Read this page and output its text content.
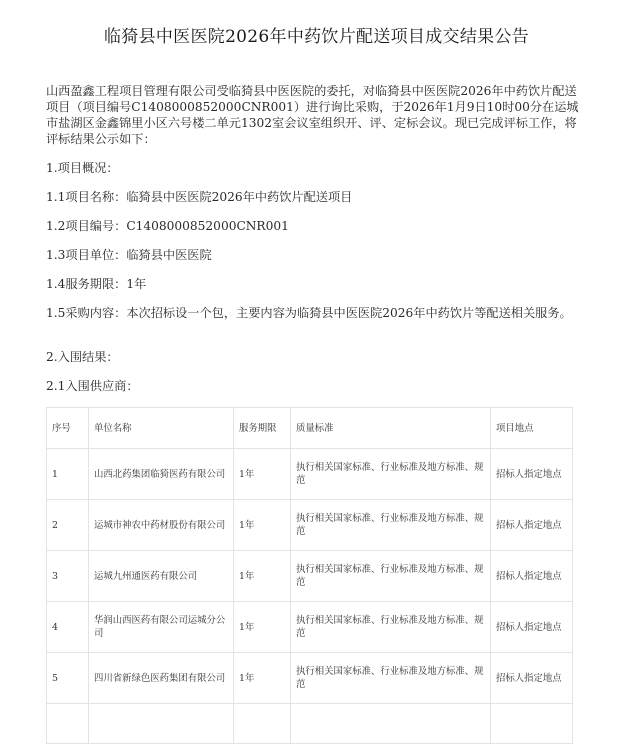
临猗县中医医院2026年中药饮片配送项目成交结果公告
山西盈鑫工程项目管理有限公司受临猗县中医医院的委托，对临猗县中医医院2026年中药饮片配送项目（项目编号C1408000852000CNR001）进行询比采购，于2026年1月9日10时00分在运城市盐湖区金鑫锦里小区六号楼二单元1302室会议室组织开、评、定标会议。现已完成评标工作，将评标结果公示如下：
1.项目概况：
1.1项目名称：临猗县中医医院2026年中药饮片配送项目
1.2项目编号：C1408000852000CNR001
1.3项目单位：临猗县中医医院
1.4服务期限：1年
1.5采购内容：本次招标设一个包，主要内容为临猗县中医医院2026年中药饮片等配送相关服务。
2.入围结果：
2.1入围供应商：
序号	单位名称	服务期限	质量标准	项目地点
1	山西北药集团临猗医药有限公司	1年	执行相关国家标准、行业标准及地方标准、规范	招标人指定地点
2	运城市神农中药材股份有限公司	1年	执行相关国家标准、行业标准及地方标准、规范	招标人指定地点
3	运城九州通医药有限公司	1年	执行相关国家标准、行业标准及地方标准、规范	招标人指定地点
4	华润山西医药有限公司运城分公司	1年	执行相关国家标准、行业标准及地方标准、规范	招标人指定地点
5	四川省新绿色医药集团有限公司	1年	执行相关国家标准、行业标准及地方标准、规范	招标人指定地点
